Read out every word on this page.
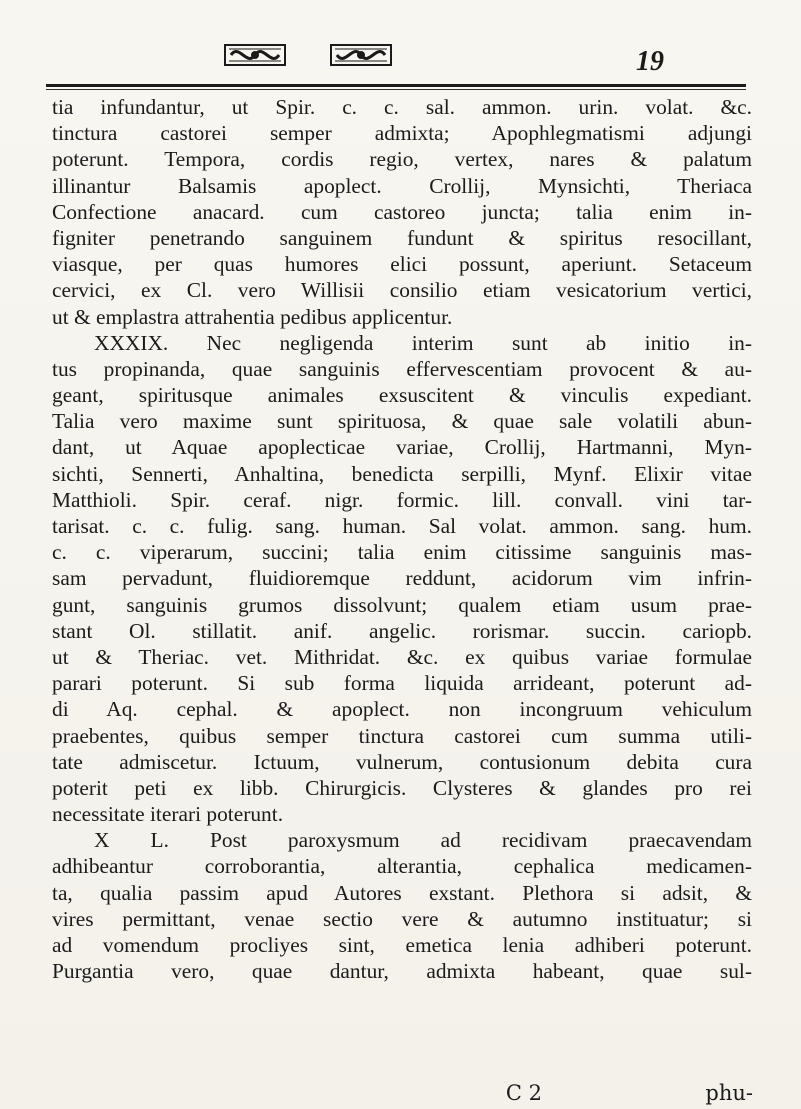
19
tia infundantur, ut Spir. c. c. sal. ammon. urin. volat. &c.
tinctura castorei semper admixta; Apophlegmatismi adjungi
poterunt. Tempora, cordis regio, vertex, nares & palatum
illinantur Balsamis apoplect. Crollij, Mynsichti, Theriaca
Confectione anacard. cum castoreo juncta; talia enim in-
figniter penetrando sanguinem fundunt & spiritus resocillant,
viasque, per quas humores elici possunt, aperiunt. Setaceum
cervici, ex Cl. vero Willisii consilio etiam vesicatorium vertici,
ut & emplastra attrahentia pedibus applicentur.
XXXIX. Nec negligenda interim sunt ab initio in-
tus propinanda, quae sanguinis effervescentiam provocent & au-
geant, spiritusque animales exsuscitent & vinculis expediant.
Talia vero maxime sunt spirituosa, & quae sale volatili abun-
dant, ut Aquae apoplecticae variae, Crollij, Hartmanni, Myn-
sichti, Sennerti, Anhaltina, benedicta serpilli, Mynf. Elixir vitae
Matthioli. Spir. ceraf. nigr. formic. lill. convall. vini tar-
tarisat. c. c. fulig. sang. human. Sal volat. ammon. sang. hum.
c. c. viperarum, succini; talia enim citissime sanguinis mas-
sam pervadunt, fluidioremque reddunt, acidorum vim infrin-
gunt, sanguinis grumos dissolvunt; qualem etiam usum prae-
stant Ol. stillatit. anif. angelic. rorismar. succin. cariopb.
ut & Theriac. vet. Mithridat. &c. ex quibus variae formulae
parari poterunt. Si sub forma liquida arrideant, poterunt ad-
di Aq. cephal. & apoplect. non incongruum vehiculum
praebentes, quibus semper tinctura castorei cum summa utili-
tate admiscetur. Ictuum, vulnerum, contusionum debita cura
poterit peti ex libb. Chirurgicis. Clysteres & glandes pro rei
necessitate iterari poterunt.
X L. Post paroxysmum ad recidivam praecavendam
adhibeantur corroborantia, alterantia, cephalica medicamen-
ta, qualia passim apud Autores exstant. Plethora si adsit, &
vires permittant, venae sectio vere & autumno instituatur; si
ad vomendum procliyes sint, emetica lenia adhiberi poterunt.
Purgantia vero, quae dantur, admixta habeant, quae sul-
C 2	phu-
